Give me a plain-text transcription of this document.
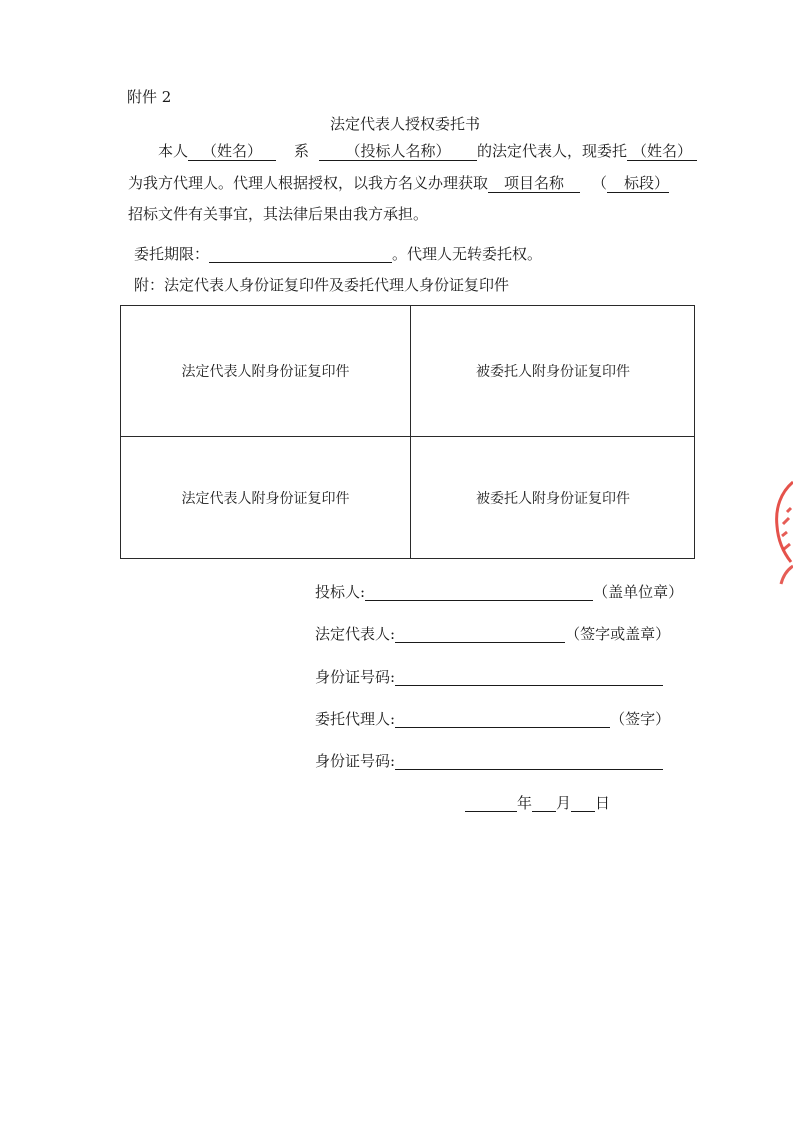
附件 2
法定代表人授权委托书
本人 （姓名） 系 （投标人名称） 的法定代表人，现委托 （姓名）
为我方代理人。代理人根据授权，以我方名义办理获取 项目名称 （ 标段）
招标文件有关事宜，其法律后果由我方承担。
委托期限：	。代理人无转委托权。
附：法定代表人身份证复印件及委托代理人身份证复印件
法定代表人附身份证复印件	被委托人附身份证复印件
法定代表人附身份证复印件	被委托人附身份证复印件
投标人:	（盖单位章）
法定代表人:	（签字或盖章）
身份证号码:
委托代理人:	（签字）
身份证号码:
年 月 日
